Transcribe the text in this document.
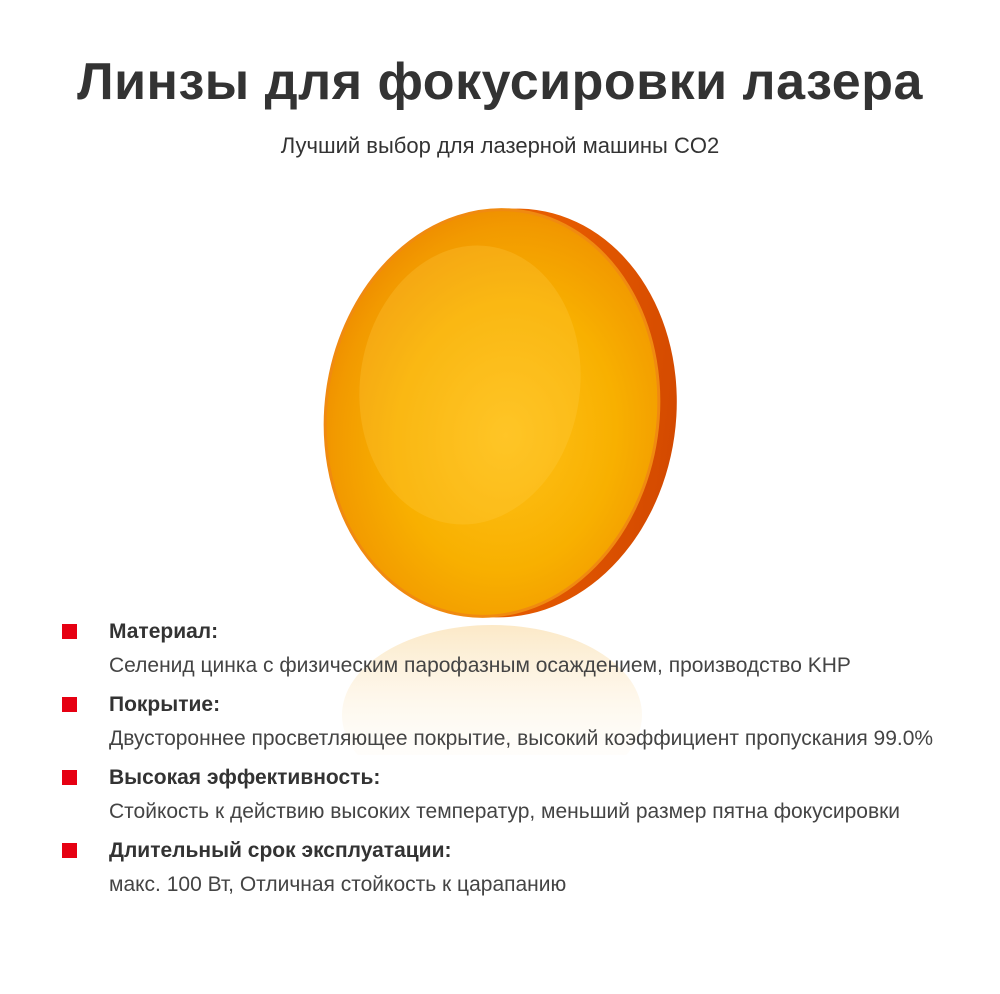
Линзы для фокусировки лазера
Лучший выбор для лазерной машины CO2
Материал:
Селенид цинка с физическим парофазным осаждением, производство KHP
Покрытие:
Двустороннее просветляющее покрытие, высокий коэффициент пропускания 99.0%
Высокая эффективность:
Стойкость к действию высоких температур, меньший размер пятна фокусировки
Длительный срок эксплуатации:
макс. 100 Вт, Отличная стойкость к царапанию
